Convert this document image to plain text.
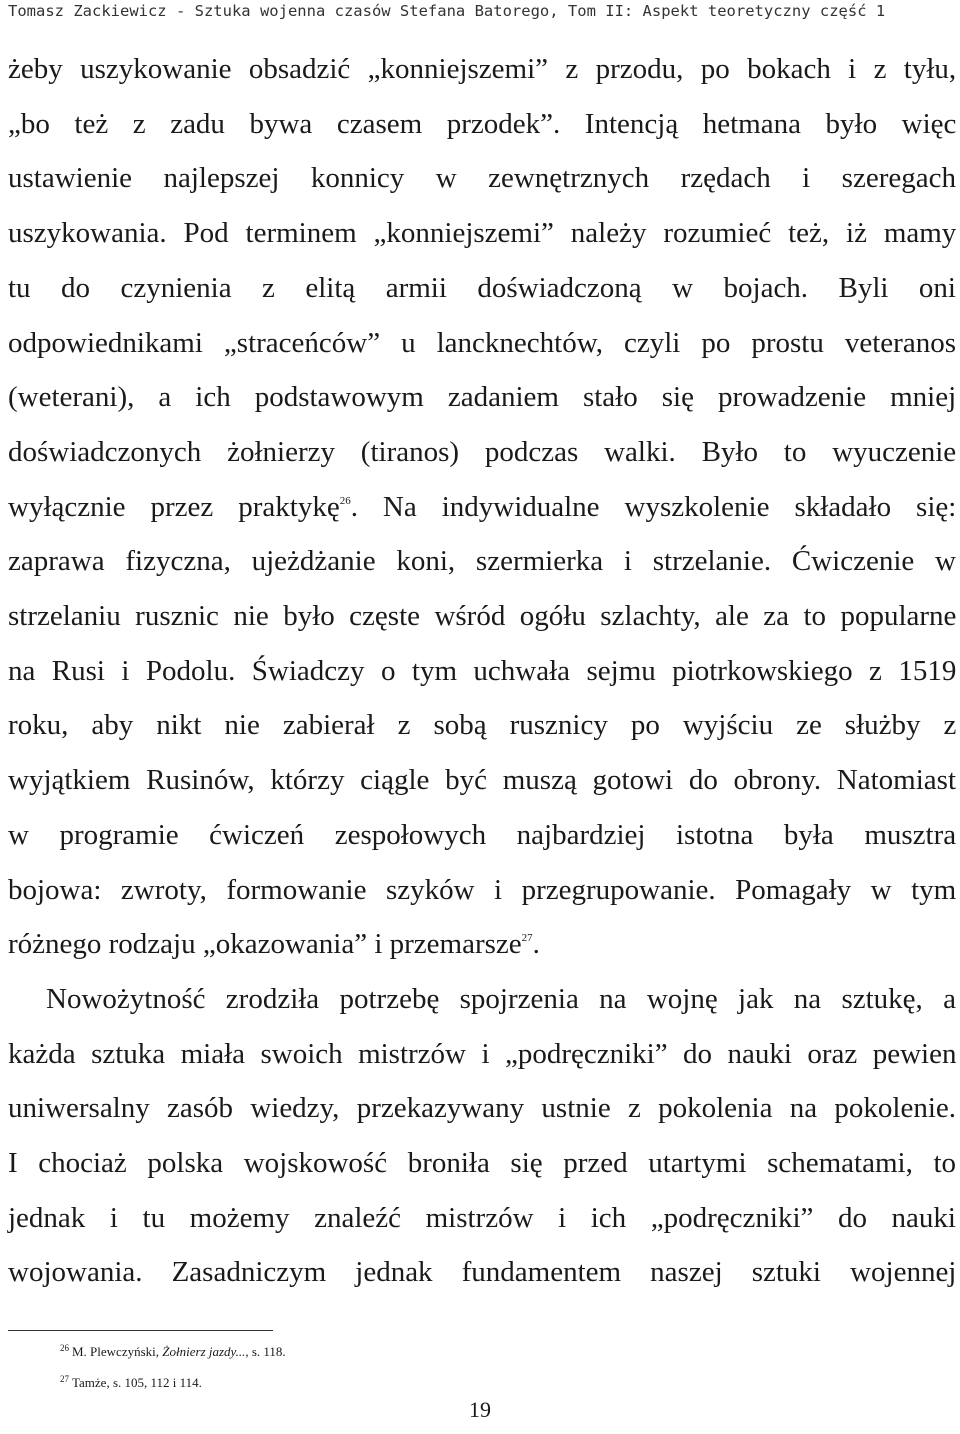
Tomasz Zackiewicz - Sztuka wojenna czasów Stefana Batorego, Tom II: Aspekt teoretyczny część 1
żeby uszykowanie obsadzić „konniejszemi” z przodu, po bokach i z tyłu,
„bo też z zadu bywa czasem przodek”. Intencją hetmana było więc
ustawienie najlepszej konnicy w zewnętrznych rzędach i szeregach
uszykowania. Pod terminem „konniejszemi” należy rozumieć też, iż mamy
tu do czynienia z elitą armii doświadczoną w bojach. Byli oni
odpowiednikami „straceńców” u lancknechtów, czyli po prostu veteranos
(weterani), a ich podstawowym zadaniem stało się prowadzenie mniej
doświadczonych żołnierzy (tiranos) podczas walki. Było to wyuczenie
wyłącznie przez praktykę$^{26}$. Na indywidualne wyszkolenie składało się:
zaprawa fizyczna, ujeżdżanie koni, szermierka i strzelanie. Ćwiczenie w
strzelaniu rusznic nie było częste wśród ogółu szlachty, ale za to popularne
na Rusi i Podolu. Świadczy o tym uchwała sejmu piotrkowskiego z 1519
roku, aby nikt nie zabierał z sobą rusznicy po wyjściu ze służby z
wyjątkiem Rusinów, którzy ciągle być muszą gotowi do obrony. Natomiast
w programie ćwiczeń zespołowych najbardziej istotna była musztra
bojowa: zwroty, formowanie szyków i przegrupowanie. Pomagały w tym
różnego rodzaju „okazowania” i przemarsze$^{27}$.
Nowożytność zrodziła potrzebę spojrzenia na wojnę jak na sztukę, a
każda sztuka miała swoich mistrzów i „podręczniki” do nauki oraz pewien
uniwersalny zasób wiedzy, przekazywany ustnie z pokolenia na pokolenie.
I chociaż polska wojskowość broniła się przed utartymi schematami, to
jednak i tu możemy znaleźć mistrzów i ich „podręczniki” do nauki
wojowania. Zasadniczym jednak fundamentem naszej sztuki wojennej
$^{26}$ M. Plewczyński, Żołnierz jazdy..., s. 118.
$^{27}$ Tamże, s. 105, 112 i 114.
19
